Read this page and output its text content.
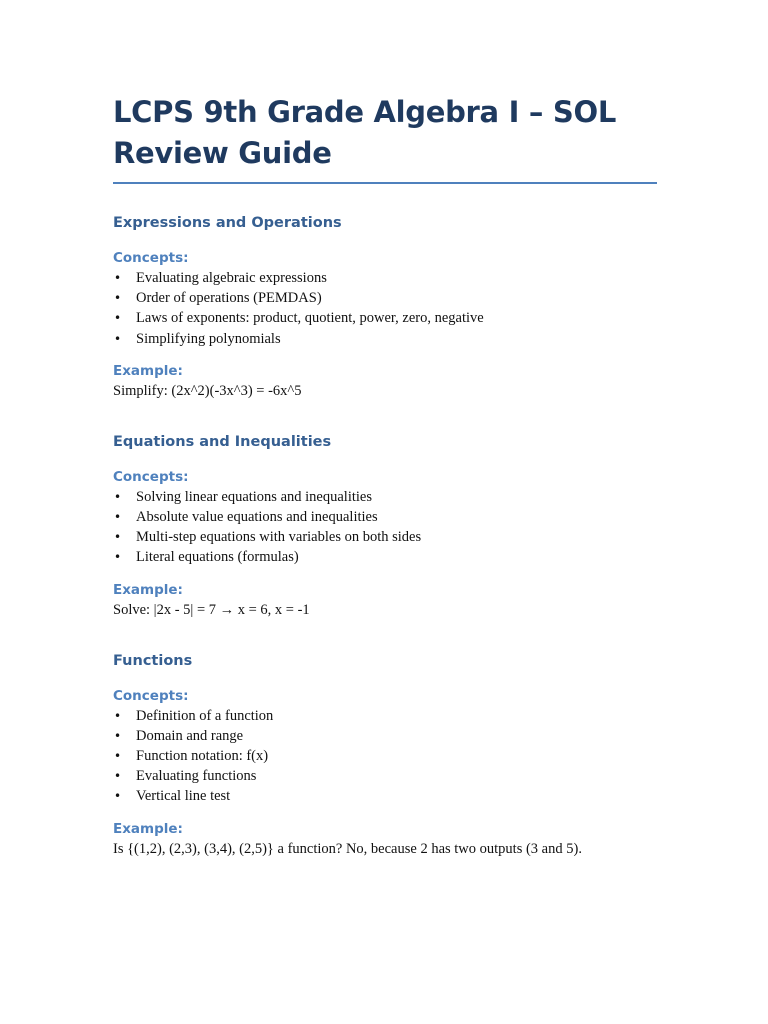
LCPS 9th Grade Algebra I – SOL Review Guide
Expressions and Operations
Concepts:
• Evaluating algebraic expressions
• Order of operations (PEMDAS)
• Laws of exponents: product, quotient, power, zero, negative
• Simplifying polynomials
Example:

Simplify: (2x^2)(-3x^3) = -6x^5

Equations and Inequalities
Concepts:
• Solving linear equations and inequalities
• Absolute value equations and inequalities
• Multi-step equations with variables on both sides
• Literal equations (formulas)
Example:

Solve: |2x - 5| = 7 → x = 6, x = -1

Functions
Concepts:
• Definition of a function
• Domain and range
• Function notation: f(x)
• Evaluating functions
• Vertical line test
Example:

Is {(1,2), (2,3), (3,4), (2,5)} a function? No, because 2 has two outputs (3 and 5).
